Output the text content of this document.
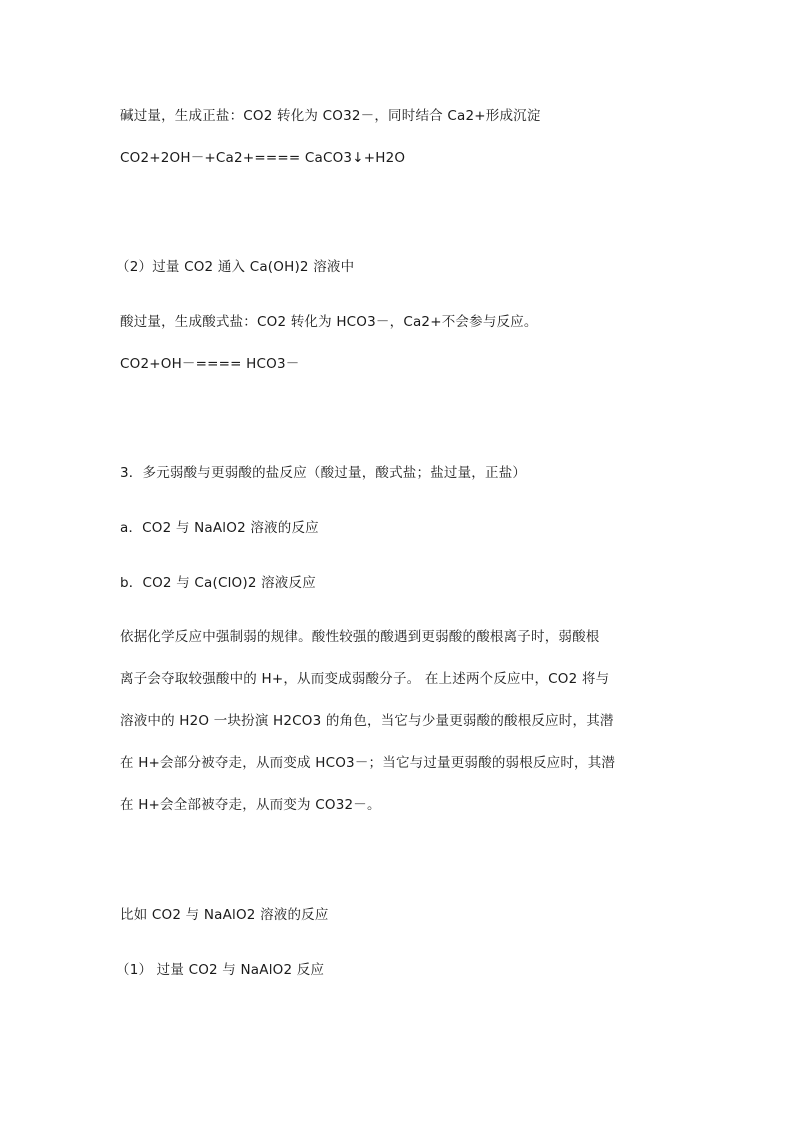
碱过量，生成正盐：CO2 转化为 CO32－，同时结合 Ca2+形成沉淀
CO2+2OH－+Ca2+==== CaCO3↓+H2O
（2）过量 CO2 通入 Ca(OH)2 溶液中
酸过量，生成酸式盐：CO2 转化为 HCO3－，Ca2+不会参与反应。
CO2+OH－==== HCO3－
3．多元弱酸与更弱酸的盐反应（酸过量，酸式盐；盐过量，正盐）
a．CO2 与 NaAlO2 溶液的反应
b．CO2 与 Ca(ClO)2 溶液反应
依据化学反应中强制弱的规律。酸性较强的酸遇到更弱酸的酸根离子时，弱酸根
离子会夺取较强酸中的 H+，从而变成弱酸分子。 在上述两个反应中，CO2 将与
溶液中的 H2O 一块扮演 H2CO3 的角色，当它与少量更弱酸的酸根反应时，其潜
在 H+会部分被夺走，从而变成 HCO3－；当它与过量更弱酸的弱根反应时，其潜
在 H+会全部被夺走，从而变为 CO32－。
比如 CO2 与 NaAlO2 溶液的反应
（1） 过量 CO2 与 NaAlO2 反应
